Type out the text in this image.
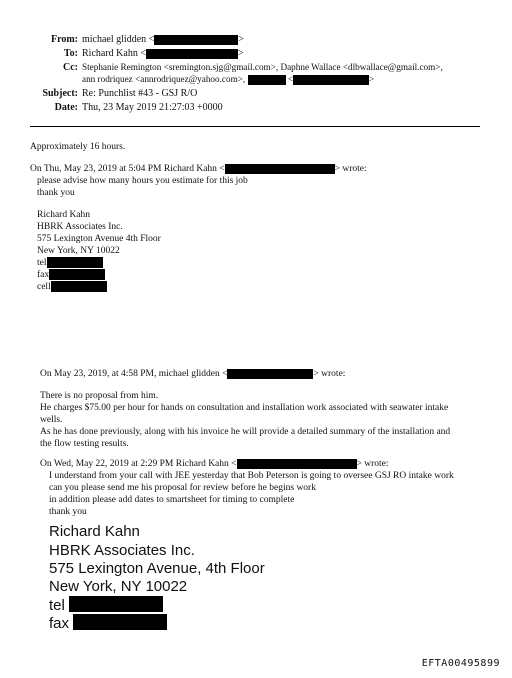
From: michael glidden <	>
To: Richard Kahn <	>
Cc: Stephanie Remington <sremington.sjg@gmail.com>, Daphne Wallace <dlbwallace@gmail.com>,
ann rodriquez <annrodriquez@yahoo.com>,	<	>
Subject: Re: Punchlist #43 - GSJ R/O
Date: Thu, 23 May 2019 21:27:03 +0000
Approximately 16 hours.
On Thu, May 23, 2019 at 5:04 PM Richard Kahn <	> wrote:
please advise how many hours you estimate for this job
thank you
Richard Kahn
HBRK Associates Inc.
575 Lexington Avenue 4th Floor
New York, NY 10022
tel
fax
cell
On May 23, 2019, at 4:58 PM, michael glidden <	> wrote:
There is no proposal from him.
He charges $75.00 per hour for hands on consultation and installation work associated with seawater intake
wells.
As he has done previously, along with his invoice he will provide a detailed summary of the installation and
the flow testing results.
On Wed, May 22, 2019 at 2:29 PM Richard Kahn <	> wrote:
I understand from your call with JEE yesterday that Bob Peterson is going to oversee GSJ RO intake work
can you please send me his proposal for review before he begins work
in addition please add dates to smartsheet for timing to complete
thank you
Richard Kahn
HBRK Associates Inc.
575 Lexington Avenue, 4th Floor
New York, NY 10022
tel
fax
EFTA00495899
